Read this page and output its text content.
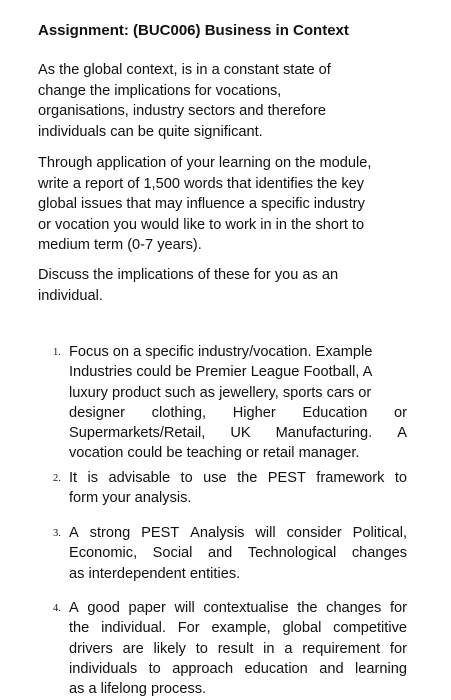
Assignment: (BUC006) Business in Context
As the global context, is in a constant state of
change the implications for vocations,
organisations, industry sectors and therefore
individuals can be quite significant.
Through application of your learning on the module,
write a report of 1,500 words that identifies the key
global issues that may influence a specific industry
or vocation you would like to work in in the short to
medium term (0-7 years).
Discuss the implications of these for you as an
individual.
1. Focus on a specific industry/vocation. Example
Industries could be Premier League Football, A
luxury product such as jewellery, sports cars or
designer clothing, Higher Education or
Supermarkets/Retail, UK Manufacturing. A
vocation could be teaching or retail manager.
2. It is advisable to use the PEST framework to
form your analysis.
3. A strong PEST Analysis will consider Political,
Economic, Social and Technological changes
as interdependent entities.
4. A good paper will contextualise the changes for
the individual. For example, global competitive
drivers are likely to result in a requirement for
individuals to approach education and learning
as a lifelong process.
